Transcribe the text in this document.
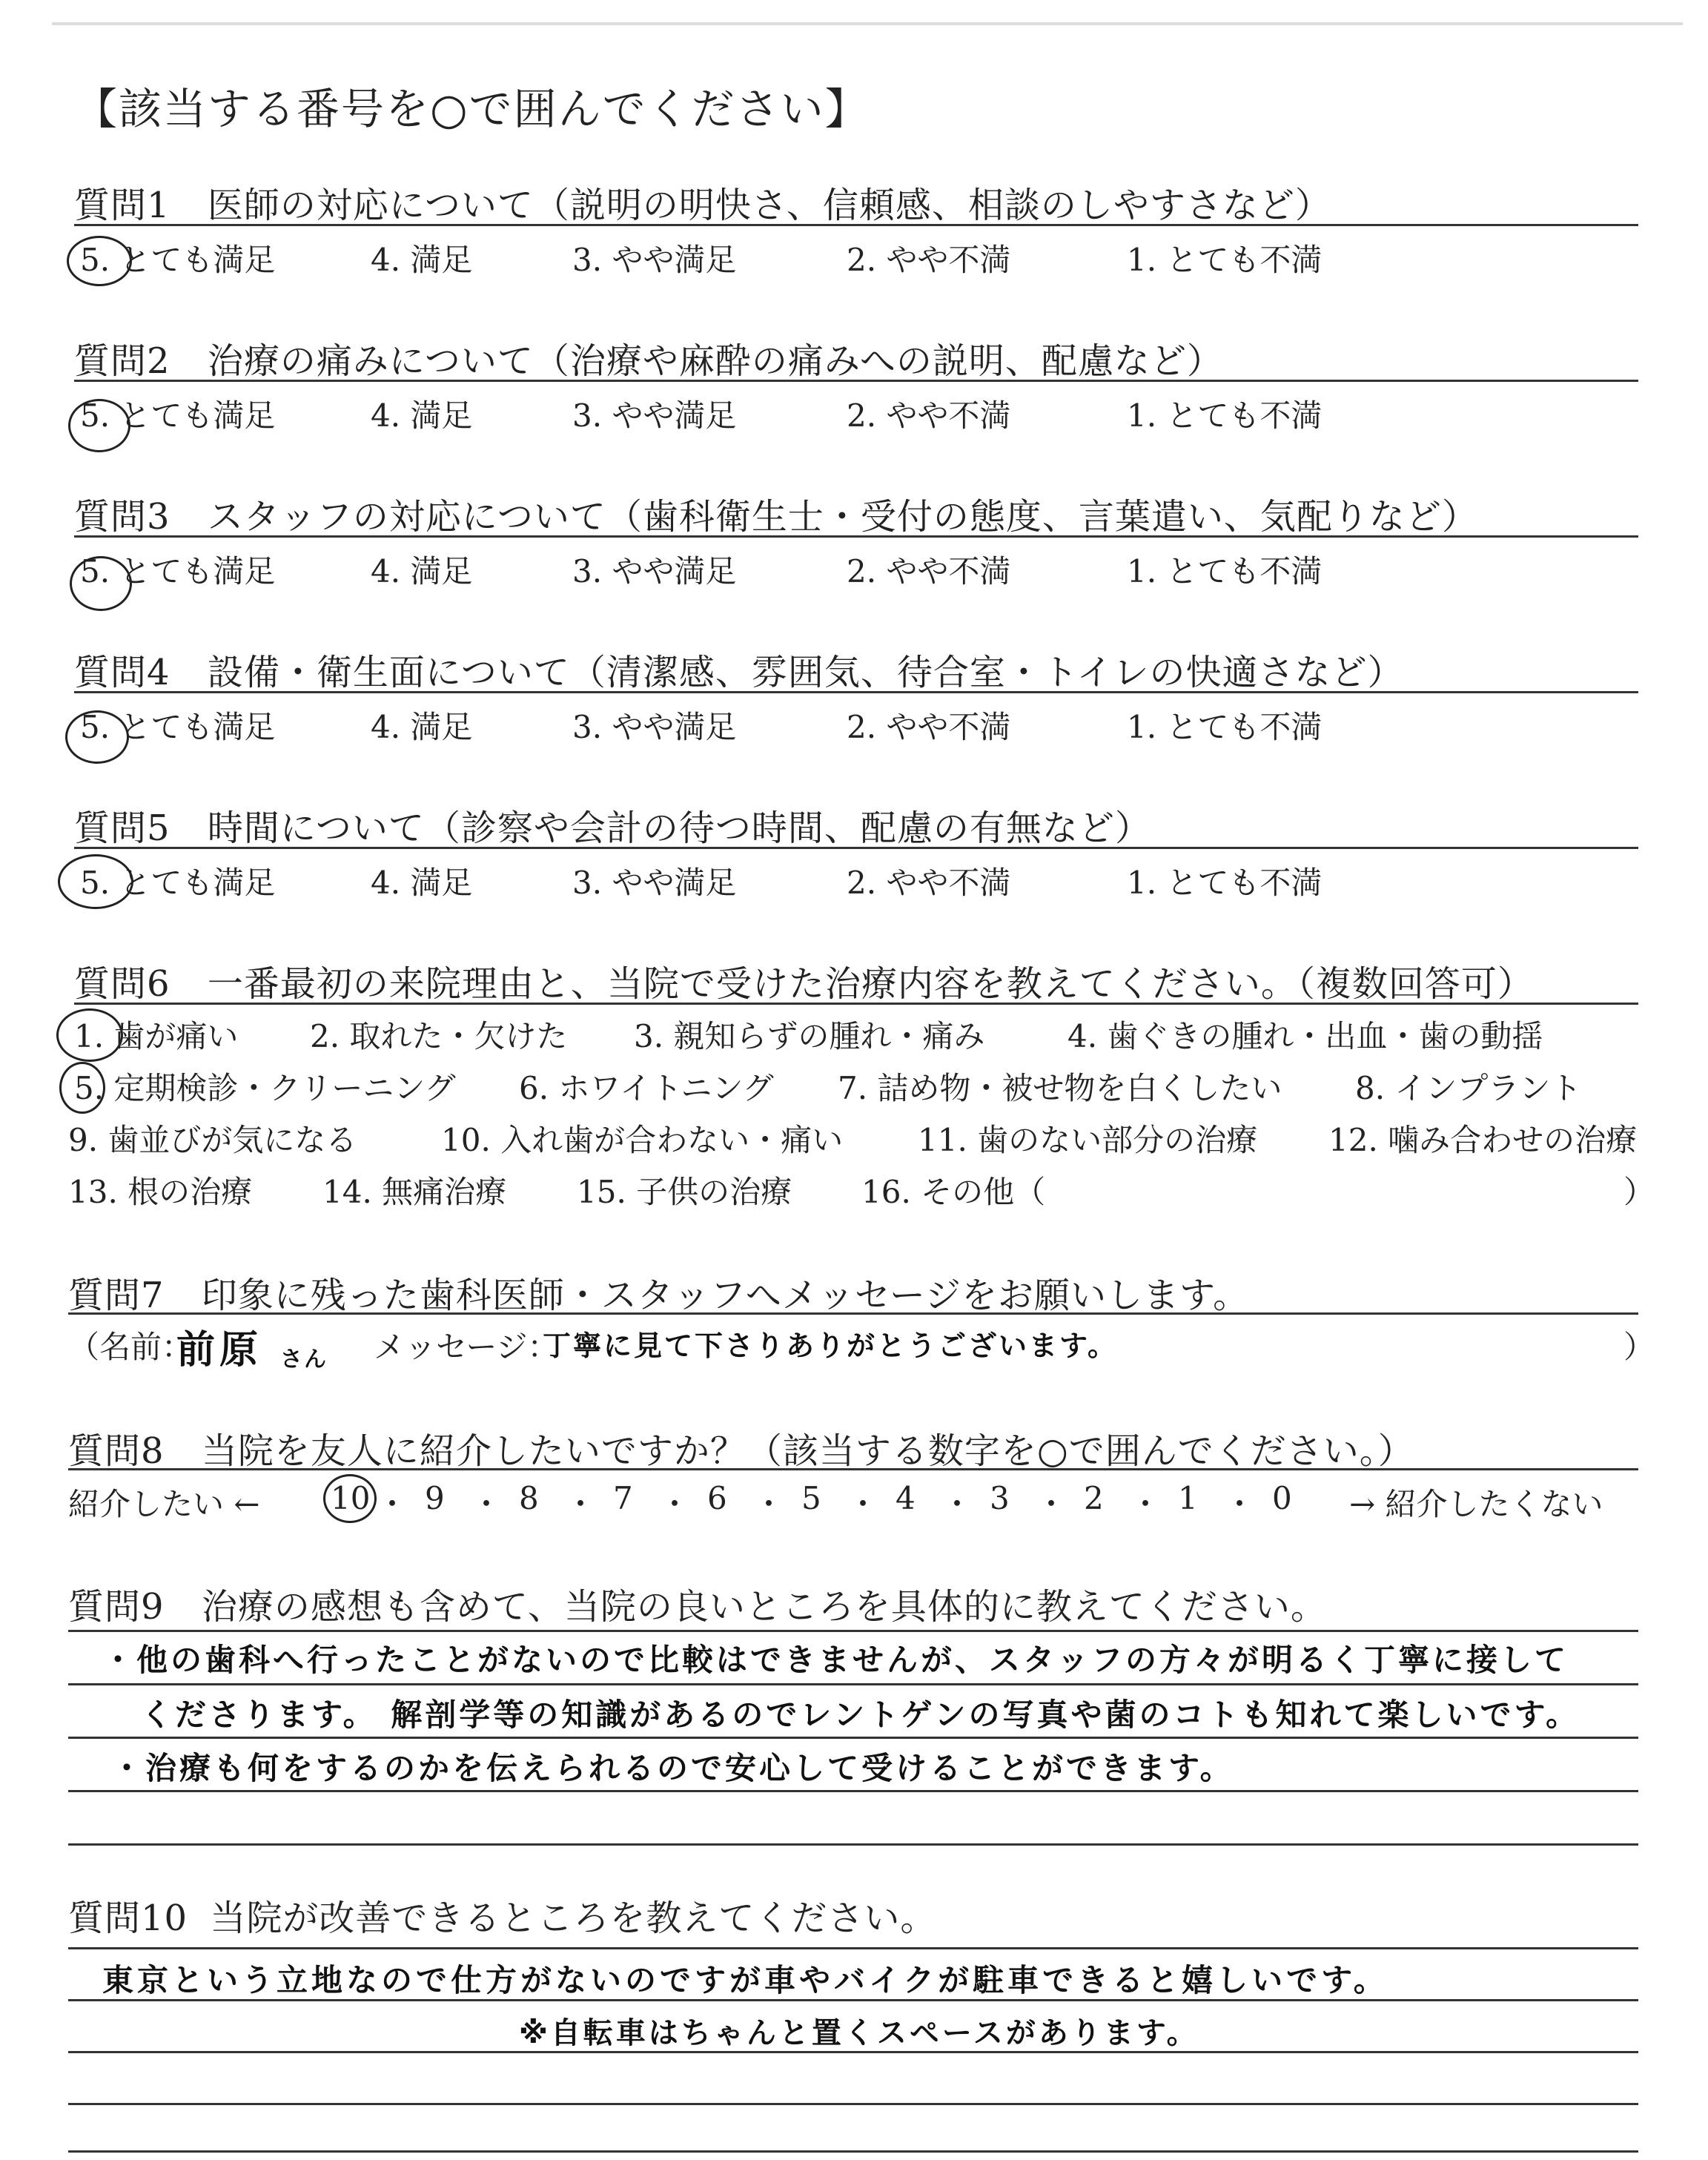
【該当する番号を○で囲んでください】
質問1 医師の対応について（説明の明快さ、信頼感、相談のしやすさなど）
5. とても満足	4. 満足	3. やや満足	2. やや不満	1. とても不満
質問2 治療の痛みについて（治療や麻酔の痛みへの説明、配慮など）
5. とても満足	4. 満足	3. やや満足	2. やや不満	1. とても不満
質問3 スタッフの対応について（歯科衛生士・受付の態度、言葉遣い、気配りなど）
5. とても満足	4. 満足	3. やや満足	2. やや不満	1. とても不満
質問4 設備・衛生面について（清潔感、雰囲気、待合室・トイレの快適さなど）
5. とても満足	4. 満足	3. やや満足	2. やや不満	1. とても不満
質問5 時間について（診察や会計の待つ時間、配慮の有無など）
5. とても満足	4. 満足	3. やや満足	2. やや不満	1. とても不満
質問6 一番最初の来院理由と、当院で受けた治療内容を教えてください。（複数回答可）
1. 歯が痛い 2. 取れた・欠けた 3. 親知らずの腫れ・痛み	4. 歯ぐきの腫れ・出血・歯の動揺
5. 定期検診・クリーニング 6. ホワイトニング 7. 詰め物・被せ物を白くしたい 8. インプラント
9. 歯並びが気になる	10. 入れ歯が合わない・痛い 11. 歯のない部分の治療 12. 噛み合わせの治療
13. 根の治療 14. 無痛治療 15. 子供の治療 16. その他（	）
質問7 印象に残った歯科医師・スタッフへメッセージをお願いします。
（名前：
前原 さん メッセージ：
丁寧に見て下さりありがとうございます。	）
質問8 当院を友人に紹介したいですか？（該当する数字を○で囲んでください。）
紹介したい ←	→ 紹介したくない
10 ・ 9 ・ 8 ・ 7 ・ 6 ・ 5 ・ 4 ・ 3 ・ 2 ・ 1 ・ 0
質問9 治療の感想も含めて、当院の良いところを具体的に教えてください。
・他の歯科へ行ったことがないので比較はできませんが、スタッフの方々が明るく丁寧に接して
くださります。 解剖学等の知識があるのでレントゲンの写真や菌のコトも知れて楽しいです。
・治療も何をするのかを伝えられるので安心して受けることができます。
質問10 当院が改善できるところを教えてください。
東京という立地なので仕方がないのですが車やバイクが駐車できると嬉しいです。
※自転車はちゃんと置くスペースがあります。
